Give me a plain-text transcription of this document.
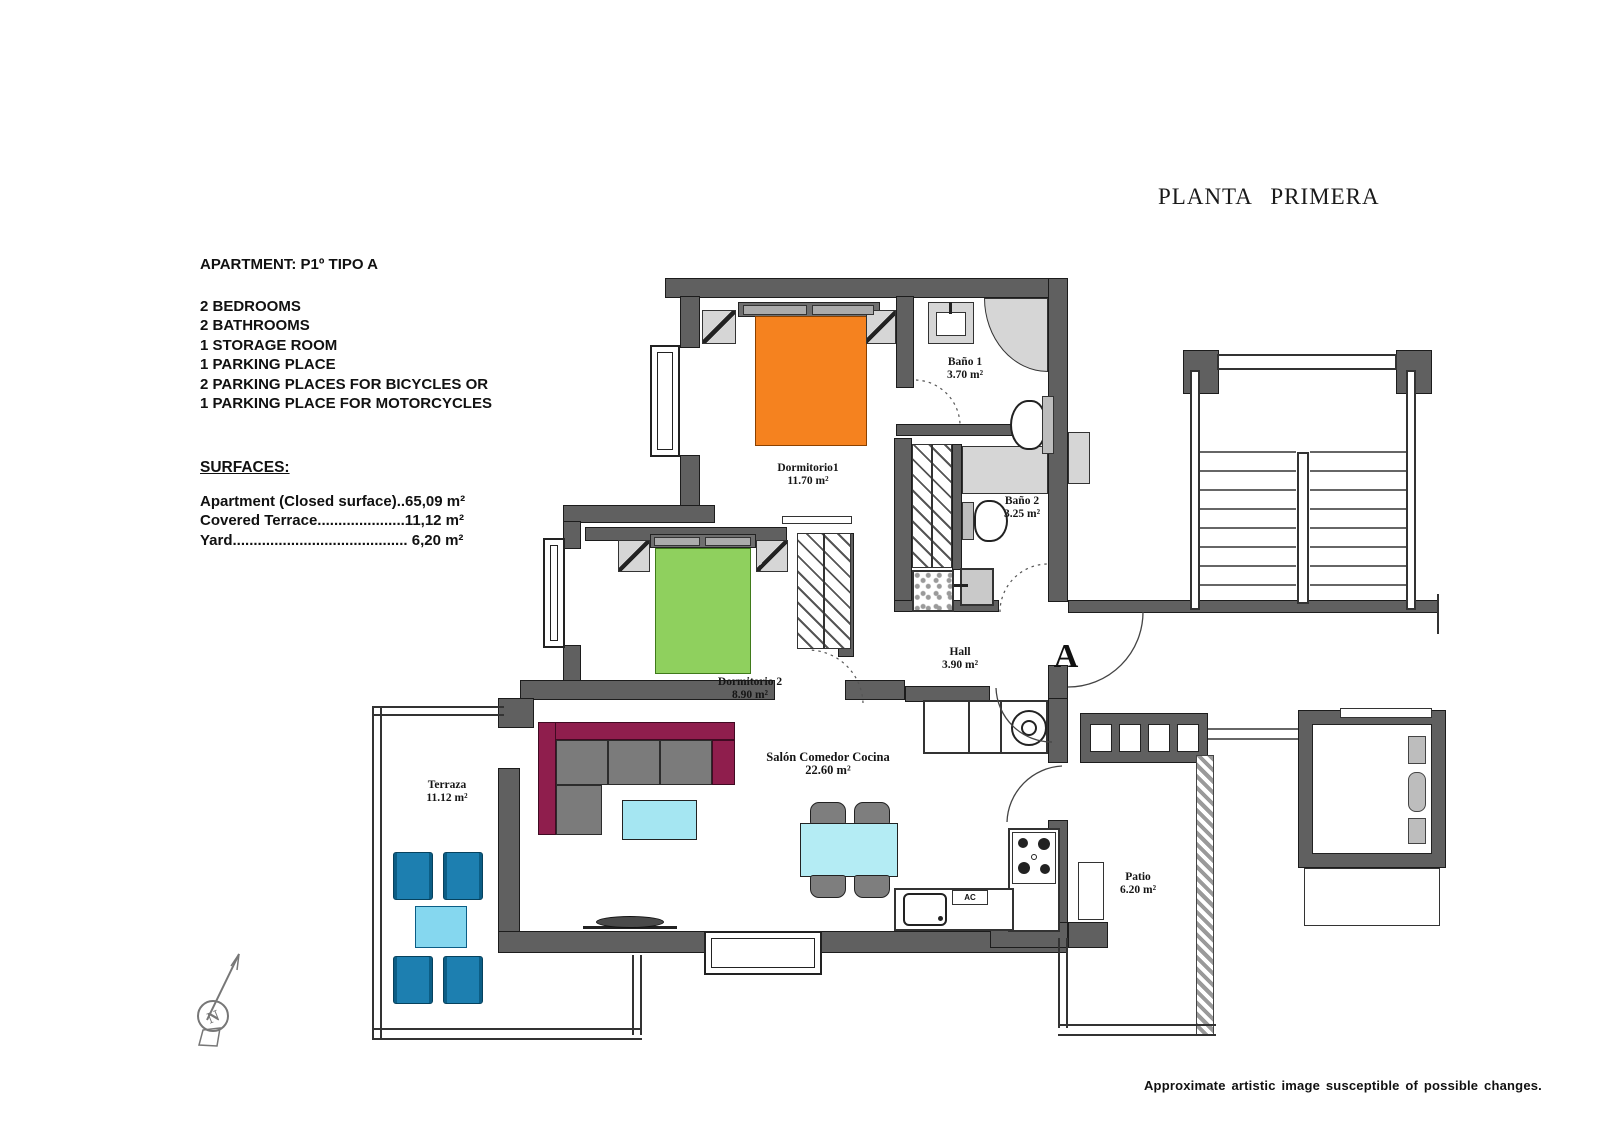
PLANTA PRIMERA
APARTMENT: P1º TIPO A
2 BEDROOMS
2 BATHROOMS
1 STORAGE ROOM
1 PARKING PLACE
2 PARKING PLACES FOR BICYCLES OR
1 PARKING PLACE FOR MOTORCYCLES
SURFACES:
Apartment (Closed surface)..65,09 m²
Covered Terrace.....................11,12 m²
Yard.......................................... 6,20 m²
Approximate artistic image susceptible of possible changes.
AC
Dormitorio1
11.70 m²
Baño 1
3.70 m²
Baño 2
3.25 m²
Dormitorio 2
8.90 m²
Hall
3.90 m²
Salón Comedor Cocina
22.60 m²
Terraza
11.12 m²
Patio
6.20 m²
A
N
